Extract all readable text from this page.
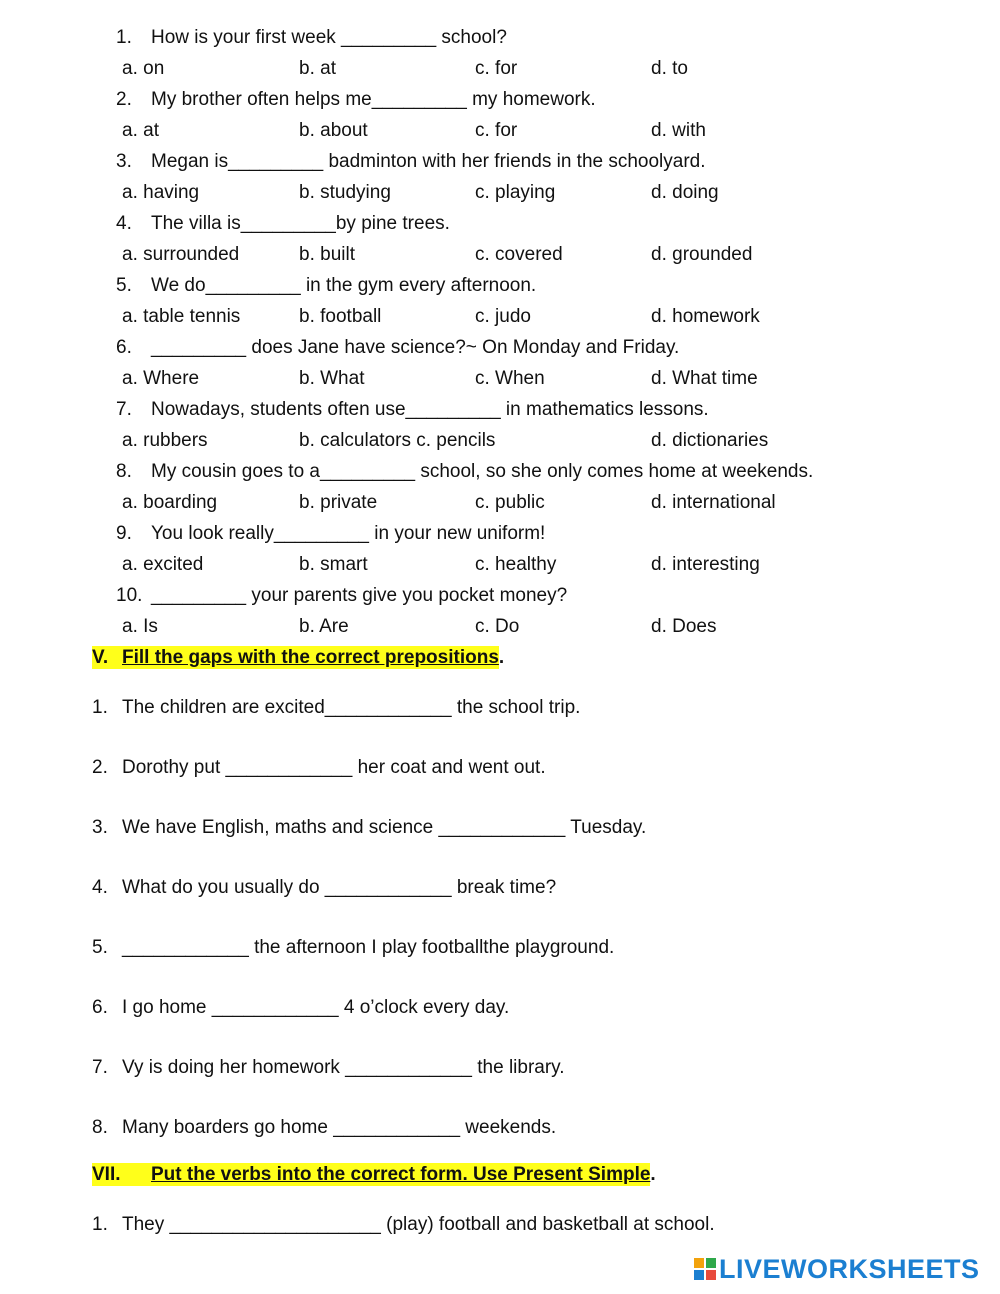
1. How is your first week _________ school?
a. on	b. at	c. for	d. to
2. My brother often helps me_________ my homework.
a. at	b. about	c. for	d. with
3. Megan is_________ badminton with her friends in the schoolyard.
a. having	b. studying	c. playing	d. doing
4. The villa is_________by pine trees.
a. surrounded	b. built	c. covered	d. grounded
5. We do_________ in the gym every afternoon.
a. table tennis	b. football	c. judo	d. homework
6. _________ does Jane have science?~ On Monday and Friday.
a. Where	b. What	c. When	d. What time
7. Nowadays, students often use_________ in mathematics lessons.
a. rubbers	b. calculators c. pencils	d. dictionaries
8. My cousin goes to a_________ school, so she only comes home at weekends.
a. boarding	b. private	c. public	d. international
9. You look really_________ in your new uniform!
a. excited	b. smart	c. healthy	d. interesting
10. _________ your parents give you pocket money?
a. Is	b. Are	c. Do	d. Does
V. Fill the gaps with the correct prepositions.
1. The children are excited____________ the school trip.
2. Dorothy put ____________ her coat and went out.
3. We have English, maths and science ____________ Tuesday.
4. What do you usually do ____________ break time?
5. ____________ the afternoon I play footballthe playground.
6. I go home ____________ 4 o’clock every day.
7. Vy is doing her homework ____________ the library.
8. Many boarders go home ____________ weekends.
VII. Put the verbs into the correct form. Use Present Simple.
1. They ____________________ (play) football and basketball at school.
LIVEWORKSHEETS
